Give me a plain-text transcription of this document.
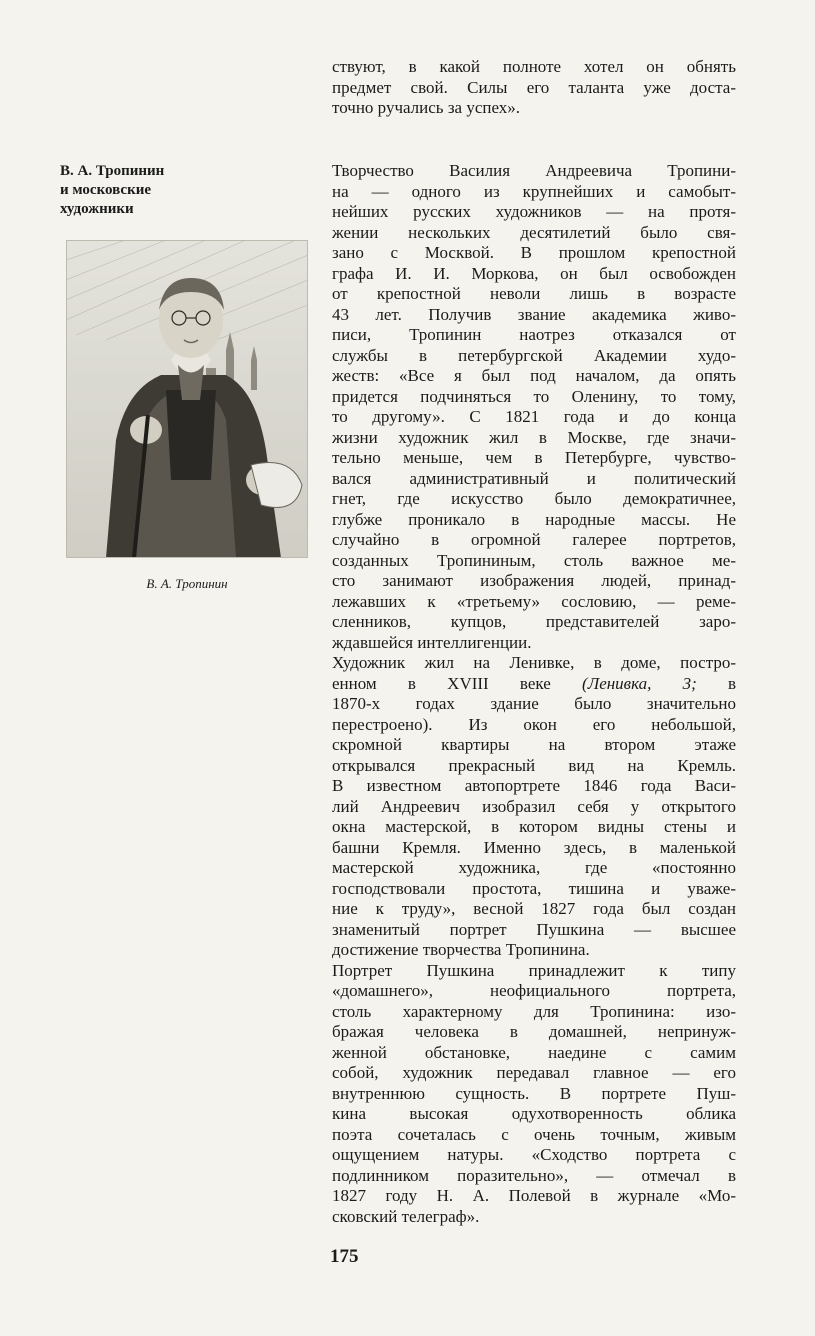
ствуют, в какой полноте хотел он обнять
предмет свой. Силы его таланта уже доста-
точно ручались за успех».
В. А. Тропинин
и московские
художники
В. А. Тропинин
Творчество Василия Андреевича Тропини-
на — одного из крупнейших и самобыт-
нейших русских художников — на протя-
жении нескольких десятилетий было свя-
зано с Москвой. В прошлом крепостной
графа И. И. Моркова, он был освобожден
от крепостной неволи лишь в возрасте
43 лет. Получив звание академика живо-
писи, Тропинин наотрез отказался от
службы в петербургской Академии худо-
жеств: «Все я был под началом, да опять
придется подчиняться то Оленину, то тому,
то другому». С 1821 года и до конца
жизни художник жил в Москве, где значи-
тельно меньше, чем в Петербурге, чувство-
вался административный и политический
гнет, где искусство было демократичнее,
глубже проникало в народные массы. Не
случайно в огромной галерее портретов,
созданных Тропининым, столь важное ме-
сто занимают изображения людей, принад-
лежавших к «третьему» сословию, — реме-
сленников, купцов, представителей заро-
ждавшейся интеллигенции.
Художник жил на Ленивке, в доме, постро-
енном в XVIII веке (Ленивка, 3; в
1870-х годах здание было значительно
перестроено). Из окон его небольшой,
скромной квартиры на втором этаже
открывался прекрасный вид на Кремль.
В известном автопортрете 1846 года Васи-
лий Андреевич изобразил себя у открытого
окна мастерской, в котором видны стены и
башни Кремля. Именно здесь, в маленькой
мастерской художника, где «постоянно
господствовали простота, тишина и уваже-
ние к труду», весной 1827 года был создан
знаменитый портрет Пушкина — высшее
достижение творчества Тропинина.
Портрет Пушкина принадлежит к типу
«домашнего», неофициального портрета,
столь характерному для Тропинина: изо-
бражая человека в домашней, непринуж-
женной обстановке, наедине с самим
собой, художник передавал главное — его
внутреннюю сущность. В портрете Пуш-
кина высокая одухотворенность облика
поэта сочеталась с очень точным, живым
ощущением натуры. «Сходство портрета с
подлинником поразительно», — отмечал в
1827 году Н. А. Полевой в журнале «Мо-
сковский телеграф».
175
